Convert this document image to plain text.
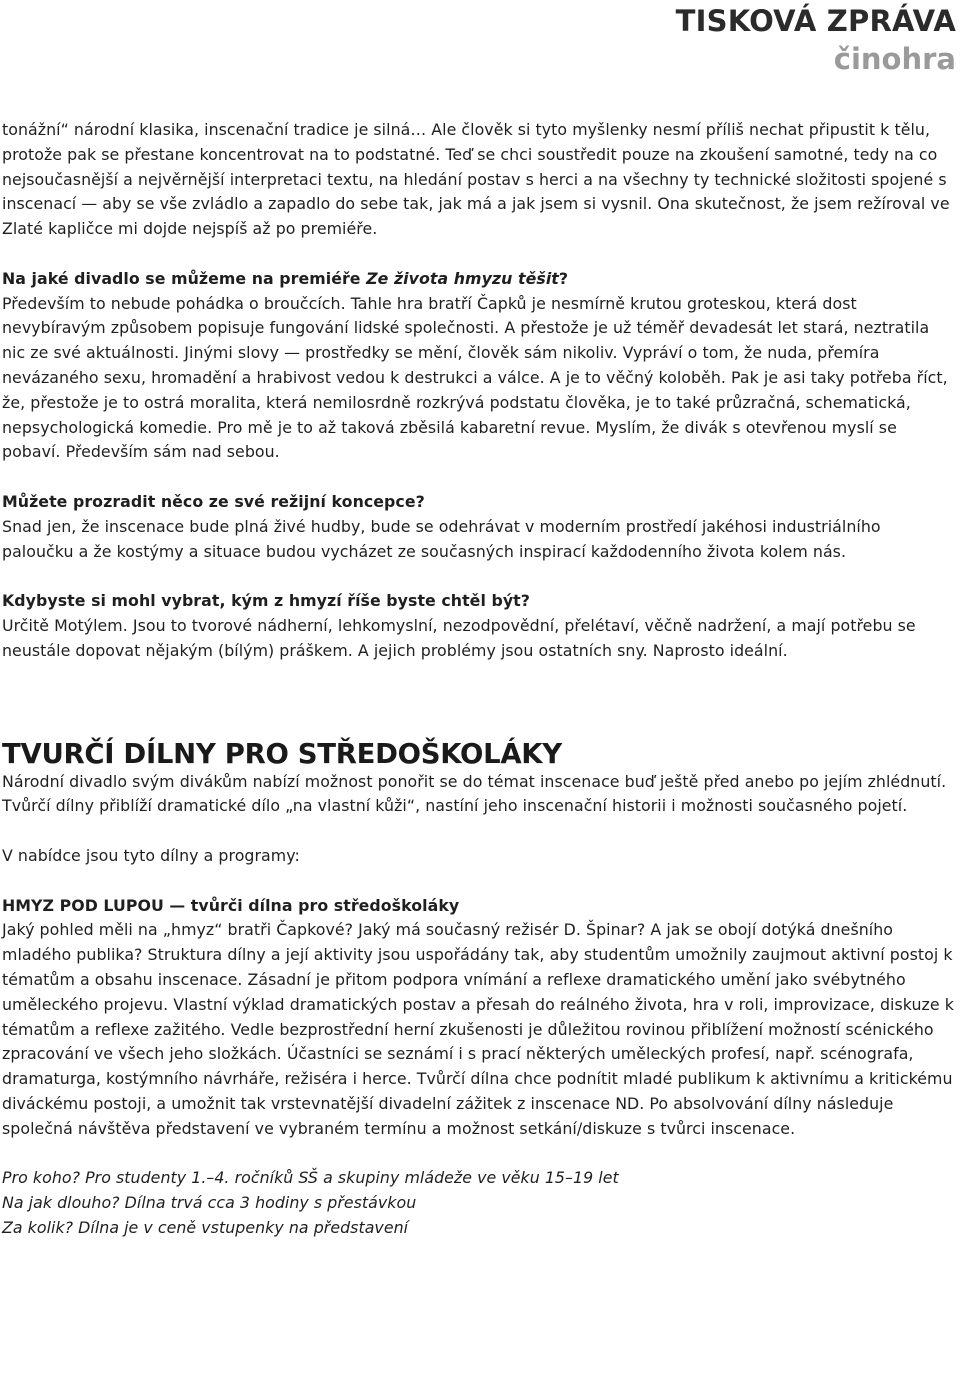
TISKOVÁ ZPRÁVA
činohra

tonážní“ národní klasika, inscenační tradice je silná… Ale člověk si tyto myšlenky nesmí příliš nechat připustit k tělu, protože pak se přestane koncentrovat na to podstatné. Teď se chci soustředit pouze na zkoušení samotné, tedy na co nejsoučasnější a nejvěrnější interpretaci textu, na hledání postav s herci a na všechny ty technické složitosti spojené s inscenací — aby se vše zvládlo a zapadlo do sebe tak, jak má a jak jsem si vysnil. Ona skutečnost, že jsem režíroval ve Zlaté kapličce mi dojde nejspíš až po premiéře.

Na jaké divadlo se můžeme na premiéře Ze života hmyzu těšit?

Především to nebude pohádka o broučcích. Tahle hra bratří Čapků je nesmírně krutou groteskou, která dost nevybíravým způsobem popisuje fungování lidské společnosti. A přestože je už téměř devadesát let stará, neztratila nic ze své aktuálnosti. Jinými slovy — prostředky se mění, člověk sám nikoliv. Vypráví o tom, že nuda, přemíra nevázaného sexu, hromadění a hrabivost vedou k destrukci a válce. A je to věčný koloběh. Pak je asi taky potřeba říct, že, přestože je to ostrá moralita, která nemilosrdně rozkrývá podstatu člověka, je to také průzračná, schematická, nepsychologická komedie. Pro mě je to až taková zběsilá kabaretní revue. Myslím, že divák s otevřenou myslí se pobaví. Především sám nad sebou.

Můžete prozradit něco ze své režijní koncepce?

Snad jen, že inscenace bude plná živé hudby, bude se odehrávat v moderním prostředí jakéhosi industriálního paloučku a že kostýmy a situace budou vycházet ze současných inspirací každodenního života kolem nás.

Kdybyste si mohl vybrat, kým z hmyzí říše byste chtěl být?

Určitě Motýlem. Jsou to tvorové nádherní, lehkomyslní, nezodpovědní, přelétaví, věčně nadržení, a mají potřebu se neustále dopovat nějakým (bílým) práškem. A jejich problémy jsou ostatních sny. Naprosto ideální.

TVURČÍ DÍLNY PRO STŘEDOŠKOLÁKY

Národní divadlo svým divákům nabízí možnost ponořit se do témat inscenace buď ještě před anebo po jejím zhlédnutí. Tvůrčí dílny přiblíží dramatické dílo „na vlastní kůži“, nastíní jeho inscenační historii i možnosti současného pojetí.

V nabídce jsou tyto dílny a programy:

HMYZ POD LUPOU — tvůrči dílna pro středoškoláky

Jaký pohled měli na „hmyz“ bratři Čapkové? Jaký má současný režisér D. Špinar? A jak se obojí dotýká dnešního mladého publika? Struktura dílny a její aktivity jsou uspořádány tak, aby studentům umožnily zaujmout aktivní postoj k tématům a obsahu inscenace. Zásadní je přitom podpora vnímání a reflexe dramatického umění jako svébytného uměleckého projevu. Vlastní výklad dramatických postav a přesah do reálného života, hra v roli, improvizace, diskuze k tématům a reflexe zažitého. Vedle bezprostřední herní zkušenosti je důležitou rovinou přiblížení možností scénického zpracování ve všech jeho složkách. Účastníci se seznámí i s prací některých uměleckých profesí, např. scénografa, dramaturga, kostýmního návrháře, režiséra i herce. Tvůrčí dílna chce podnítit mladé publikum k aktivnímu a kritickému diváckému postoji, a umožnit tak vrstevnatější divadelní zážitek z inscenace ND. Po absolvování dílny následuje společná návštěva představení ve vybraném termínu a možnost setkání/diskuze s tvůrci inscenace.

Pro koho? Pro studenty 1.–4. ročníků SŠ a skupiny mládeže ve věku 15–19 let

Na jak dlouho? Dílna trvá cca 3 hodiny s přestávkou

Za kolik? Dílna je v ceně vstupenky na představení
